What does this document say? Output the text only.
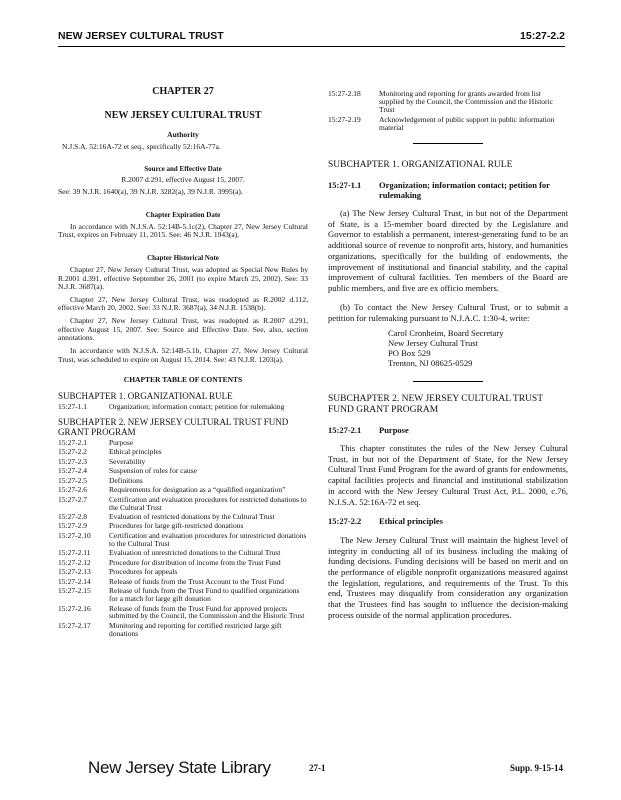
NEW JERSEY CULTURAL TRUST	15:27-2.2
CHAPTER 27
NEW JERSEY CULTURAL TRUST
Authority
N.J.S.A. 52:16A-72 et seq., specifically 52:16A-77a.
Source and Effective Date
R.2007 d.291, effective August 15, 2007.
See: 39 N.J.R. 1640(a), 39 N.J.R. 3282(a), 39 N.J.R. 3995(a).
Chapter Expiration Date

In accordance with N.J.S.A. 52:14B-5.1c(2), Chapter 27, New Jersey Cultural Trust, expires on February 11, 2015. See: 46 N.J.R. 1943(a).

Chapter Historical Note

Chapter 27, New Jersey Cultural Trust, was adopted as Special New Rules by R.2001 d.391, effective September 26, 2001 (to expire March 25, 2002). See: 33 N.J.R. 3687(a).

Chapter 27, New Jersey Cultural Trust, was readopted as R.2002 d.112, effective March 20, 2002. See: 33 N.J.R. 3687(a), 34 N.J.R. 1538(b).

Chapter 27, New Jersey Cultural Trust, was readopted as R.2007 d.291, effective August 15, 2007. See: Source and Effective Date. See, also, section annotations.

In accordance with N.J.S.A. 52:14B-5.1b, Chapter 27, New Jersey Cultural Trust, was scheduled to expire on August 15, 2014. See: 43 N.J.R. 1203(a).

CHAPTER TABLE OF CONTENTS
SUBCHAPTER 1. ORGANIZATIONAL RULE
15:27-1.1	Organization; information contact; petition for rulemaking
SUBCHAPTER 2. NEW JERSEY CULTURAL TRUST FUND GRANT PROGRAM
15:27-2.1	Purpose
15:27-2.2	Ethical principles
15:27-2.3	Severability
15:27-2.4	Suspension of rules for cause
15:27-2.5	Definitions
15:27-2.6	Requirements for designation as a “qualified organization”
15:27-2.7	Certification and evaluation procedures for restricted donations to the Cultural Trust
15:27-2.8	Evaluation of restricted donations by the Cultural Trust
15:27-2.9	Procedures for large gift-restricted donations
15:27-2.10	Certification and evaluation procedures for unrestricted donations to the Cultural Trust
15:27-2.11	Evaluation of unrestricted donations to the Cultural Trust
15:27-2.12	Procedure for distribution of income from the Trust Fund
15:27-2.13	Procedures for appeals
15:27-2.14	Release of funds from the Trust Account to the Trust Fund
15:27-2.15	Release of funds from the Trust Fund to qualified organizations for a match for large gift donation
15:27-2.16	Release of funds from the Trust Fund for approved projects submitted by the Council, the Commission and the Historic Trust
15:27-2.17	Monitoring and reporting for certified restricted large gift donations
15:27-2.18	Monitoring and reporting for grants awarded from list supplied by the Council, the Commission and the Historic Trust
15:27-2.19	Acknowledgement of public support in public information material
SUBCHAPTER 1. ORGANIZATIONAL RULE
15:27-1.1	Organization; information contact; petition for rulemaking

(a) The New Jersey Cultural Trust, in but not of the Department of State, is a 15-member board directed by the Legislature and Governor to establish a permanent, interest-generating fund to be an additional source of revenue to nonprofit arts, history, and humanities organizations, specifically for the building of endowments, the improvement of institutional and financial stability, and the capital improvement of cultural facilities. Ten members of the Board are public members, and five are ex officio members.

(b) To contact the New Jersey Cultural Trust, or to submit a petition for rulemaking pursuant to N.J.A.C. 1:30-4, write:

Carol Cronheim, Board Secretary
New Jersey Cultural Trust
PO Box 529
Trenton, NJ 08625-0529
SUBCHAPTER 2. NEW JERSEY CULTURAL TRUST FUND GRANT PROGRAM
15:27-2.1	Purpose

This chapter constitutes the rules of the New Jersey Cultural Trust, in but not of the Department of State, for the New Jersey Cultural Trust Fund Program for the award of grants for endowments, capital facilities projects and financial and institutional stabilization in accord with the New Jersey Cultural Trust Act, P.L. 2000, c.76, N.J.S.A. 52:16A-72 et seq.

15:27-2.2	Ethical principles

The New Jersey Cultural Trust will maintain the highest level of integrity in conducting all of its business including the making of funding decisions. Funding decisions will be based on merit and on the performance of eligible nonprofit organizations measured against the legislation, regulations, and requirements of the Trust. To this end, Trustees may disqualify from consideration any organization that the Trustees find has sought to influence the decision-making process outside of the normal application procedures.

New Jersey State Library	27-1	Supp. 9-15-14
